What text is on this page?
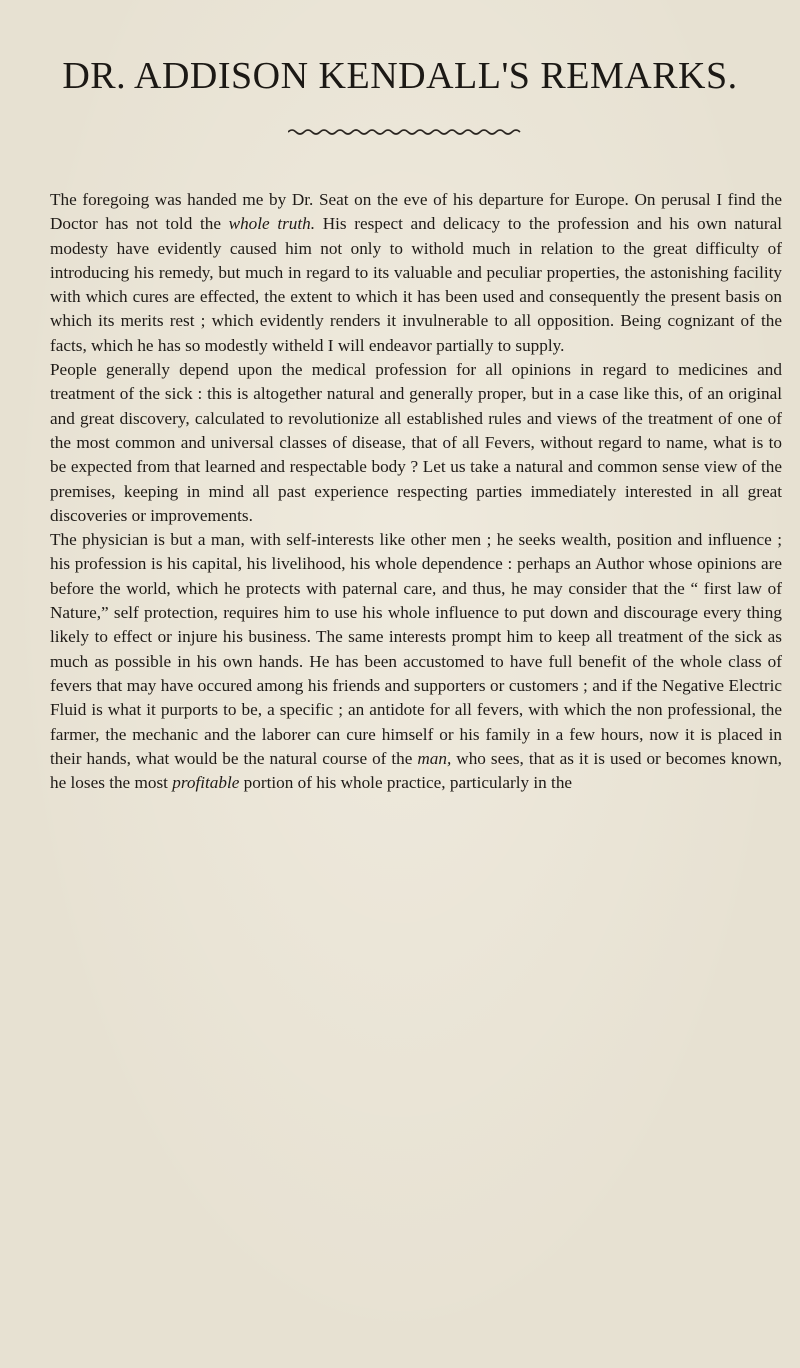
DR. ADDISON KENDALL'S REMARKS.

The foregoing was handed me by Dr. Seat on the eve of his departure for Europe. On perusal I find the Doctor has not told the whole truth. His respect and delicacy to the profession and his own natural modesty have evidently caused him not only to withold much in relation to the great difficulty of introducing his remedy, but much in regard to its valuable and peculiar properties, the astonishing facility with which cures are effected, the extent to which it has been used and consequently the present basis on which its merits rest ; which evidently renders it invulnerable to all opposition. Being cognizant of the facts, which he has so modestly witheld I will endeavor partially to supply.

People generally depend upon the medical profession for all opinions in regard to medicines and treatment of the sick : this is altogether natural and generally proper, but in a case like this, of an original and great discovery, calculated to revolutionize all established rules and views of the treatment of one of the most common and universal classes of disease, that of all Fevers, without regard to name, what is to be expected from that learned and respectable body ? Let us take a natural and common sense view of the premises, keeping in mind all past experience respecting parties immediately interested in all great discoveries or improvements.

The physician is but a man, with self-interests like other men ; he seeks wealth, position and influence ; his profession is his capital, his livelihood, his whole dependence : perhaps an Author whose opinions are before the world, which he protects with paternal care, and thus, he may consider that the “ first law of Nature,” self protection, requires him to use his whole influence to put down and discourage every thing likely to effect or injure his business. The same interests prompt him to keep all treatment of the sick as much as possible in his own hands. He has been accustomed to have full benefit of the whole class of fevers that may have occured among his friends and supporters or customers ; and if the Negative Electric Fluid is what it purports to be, a specific ; an antidote for all fevers, with which the non professional, the farmer, the mechanic and the laborer can cure himself or his family in a few hours, now it is placed in their hands, what would be the natural course of the man, who sees, that as it is used or becomes known, he loses the most profitable portion of his whole practice, particularly in the
